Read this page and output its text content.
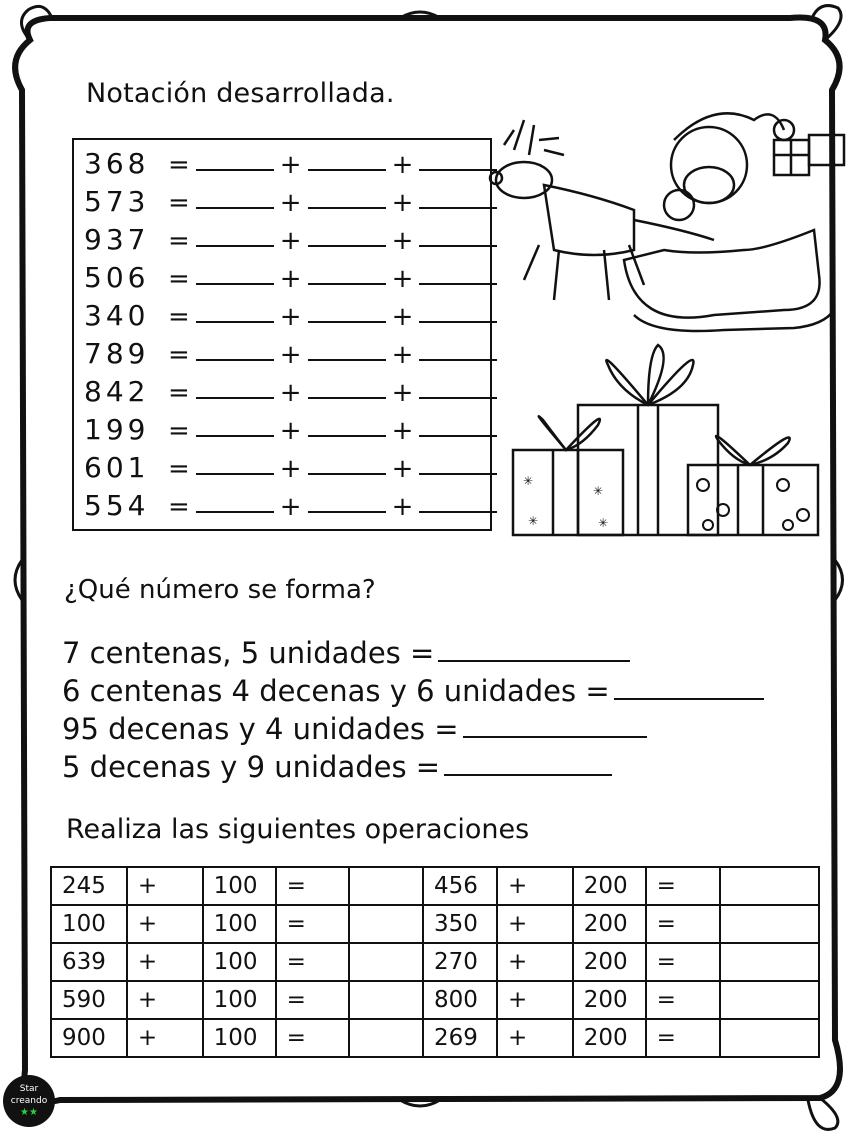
Notación desarrollada.
368 =	+	+
573 =	+	+
937 =	+	+
506 =	+	+
340 =	+	+
789 =	+	+
842 =	+	+
199 =	+	+
601 =	+	+
554 =	+	+
✳
✳
✳	✳
¿Qué número se forma?
7 centenas, 5 unidades =
6 centenas 4 decenas y 6 unidades =
95 decenas y 4 unidades =
5 decenas y 9 unidades =
Realiza las siguientes operaciones
245	+	100	=		456	+	200	=	
100	+	100	=		350	+	200	=	
639	+	100	=		270	+	200	=	
590	+	100	=		800	+	200	=	
900	+	100	=		269	+	200	=	
Star
creando
★★
